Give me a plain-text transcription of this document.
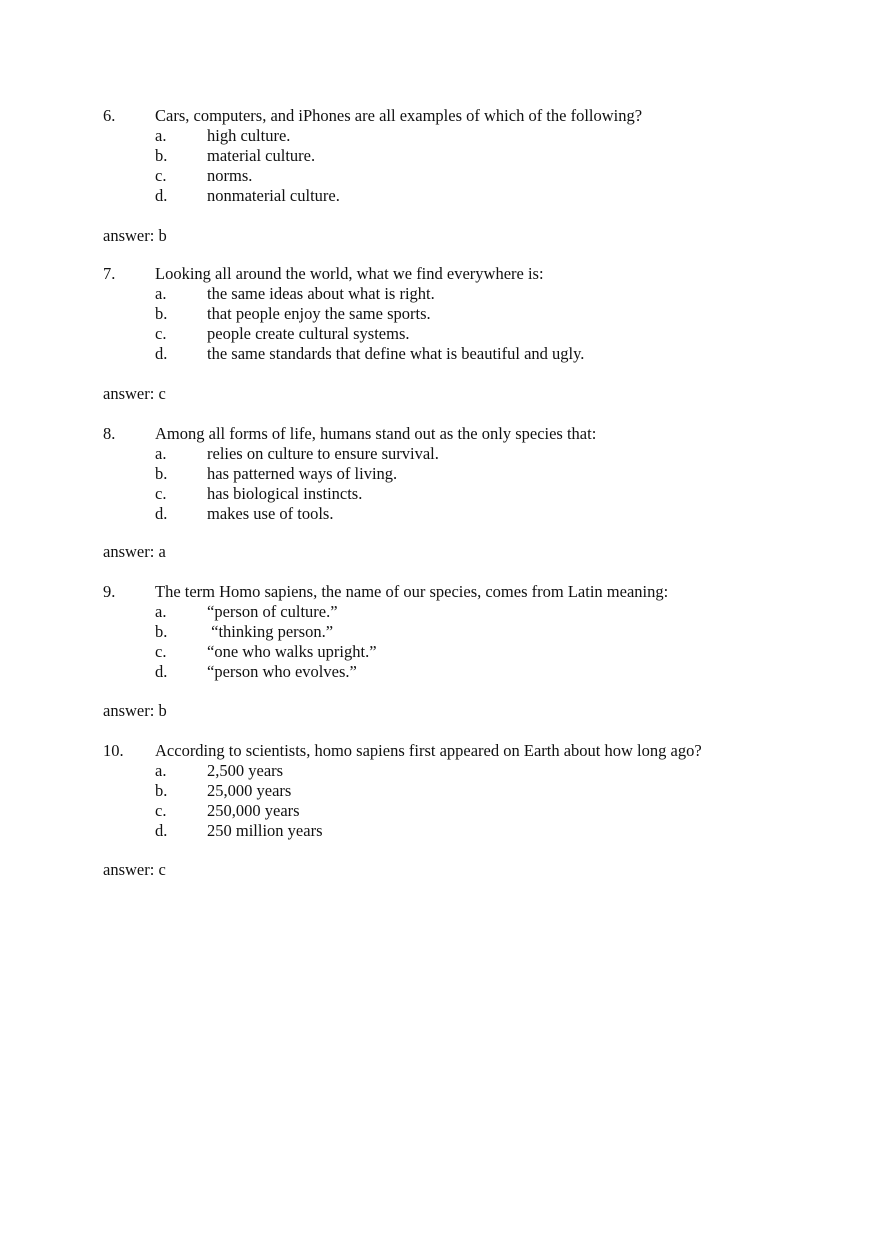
6. Cars, computers, and iPhones are all examples of which of the following?
a. high culture.
b. material culture.
c. norms.
d. nonmaterial culture.
answer: b
7. Looking all around the world, what we find everywhere is:
a. the same ideas about what is right.
b. that people enjoy the same sports.
c. people create cultural systems.
d. the same standards that define what is beautiful and ugly.
answer: c
8. Among all forms of life, humans stand out as the only species that:
a. relies on culture to ensure survival.
b. has patterned ways of living.
c. has biological instincts.
d. makes use of tools.
answer: a
9. The term Homo sapiens, the name of our species, comes from Latin meaning:
a. “person of culture.”
b. “thinking person.”
c. “one who walks upright.”
d. “person who evolves.”
answer: b
10. According to scientists, homo sapiens first appeared on Earth about how long ago?
a. 2,500 years
b. 25,000 years
c. 250,000 years
d. 250 million years
answer: c
